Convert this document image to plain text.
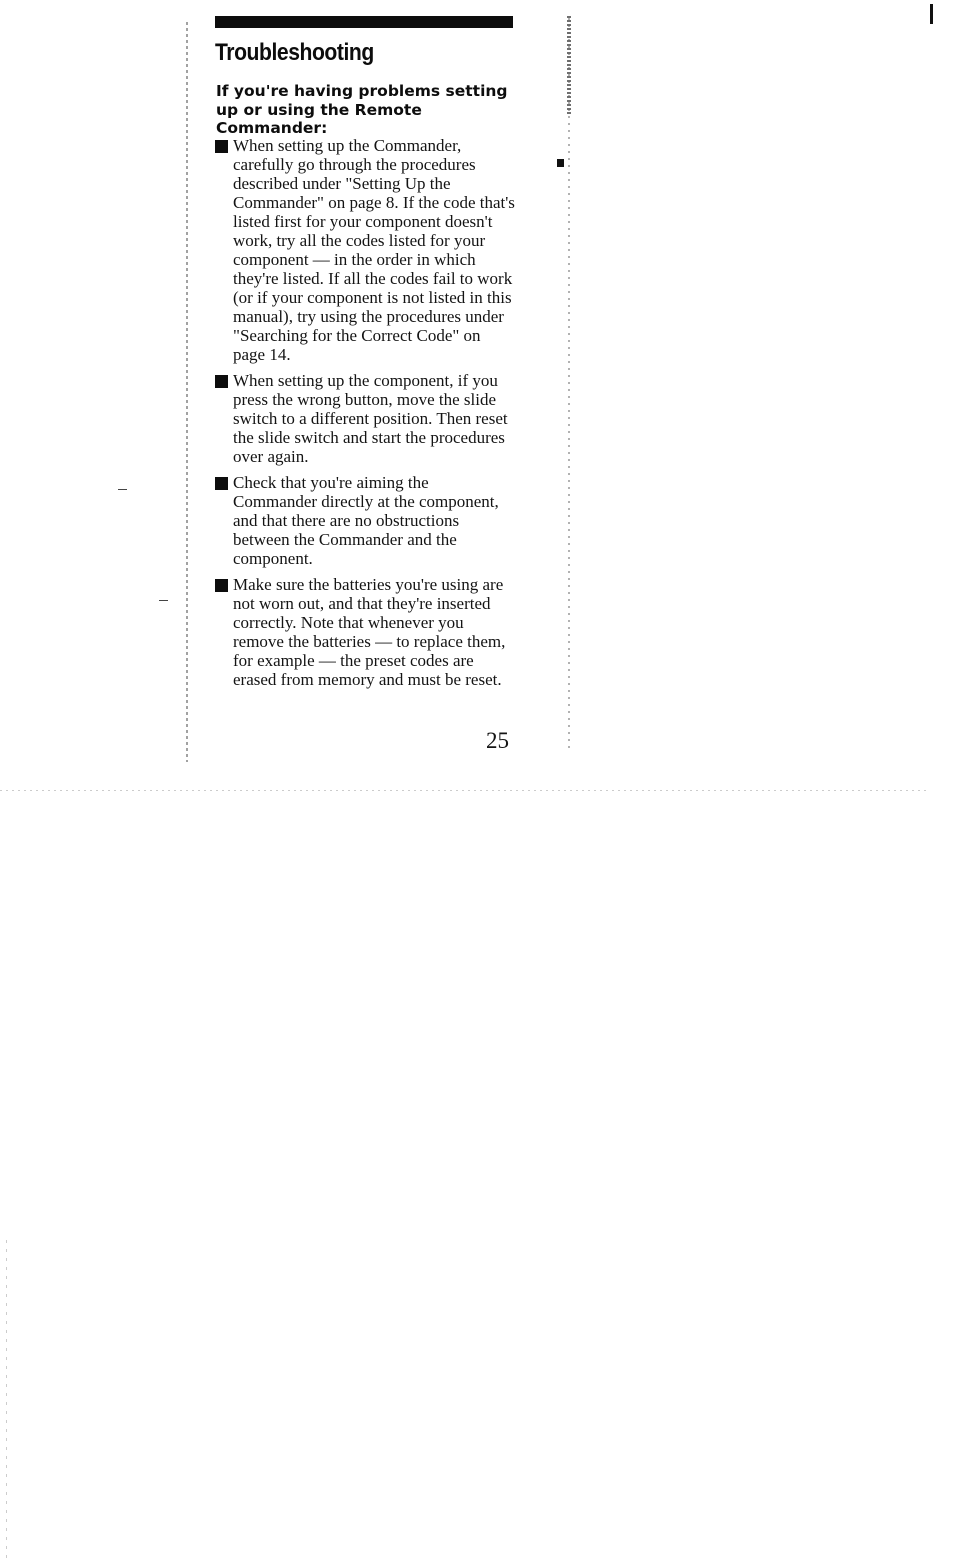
Troubleshooting
If you're having problems setting up or using the Remote Commander:
When setting up the Commander, carefully go through the procedures described under "Setting Up the Commander" on page 8. If the code that's listed first for your component doesn't work, try all the codes listed for your component — in the order in which they're listed. If all the codes fail to work (or if your component is not listed in this manual), try using the procedures under "Searching for the Correct Code" on page 14.
When setting up the component, if you press the wrong button, move the slide switch to a different position. Then reset the slide switch and start the procedures over again.
Check that you're aiming the Commander directly at the component, and that there are no obstructions between the Commander and the component.
Make sure the batteries you're using are not worn out, and that they're inserted correctly. Note that whenever you remove the batteries — to replace them, for example — the preset codes are erased from memory and must be reset.
25
